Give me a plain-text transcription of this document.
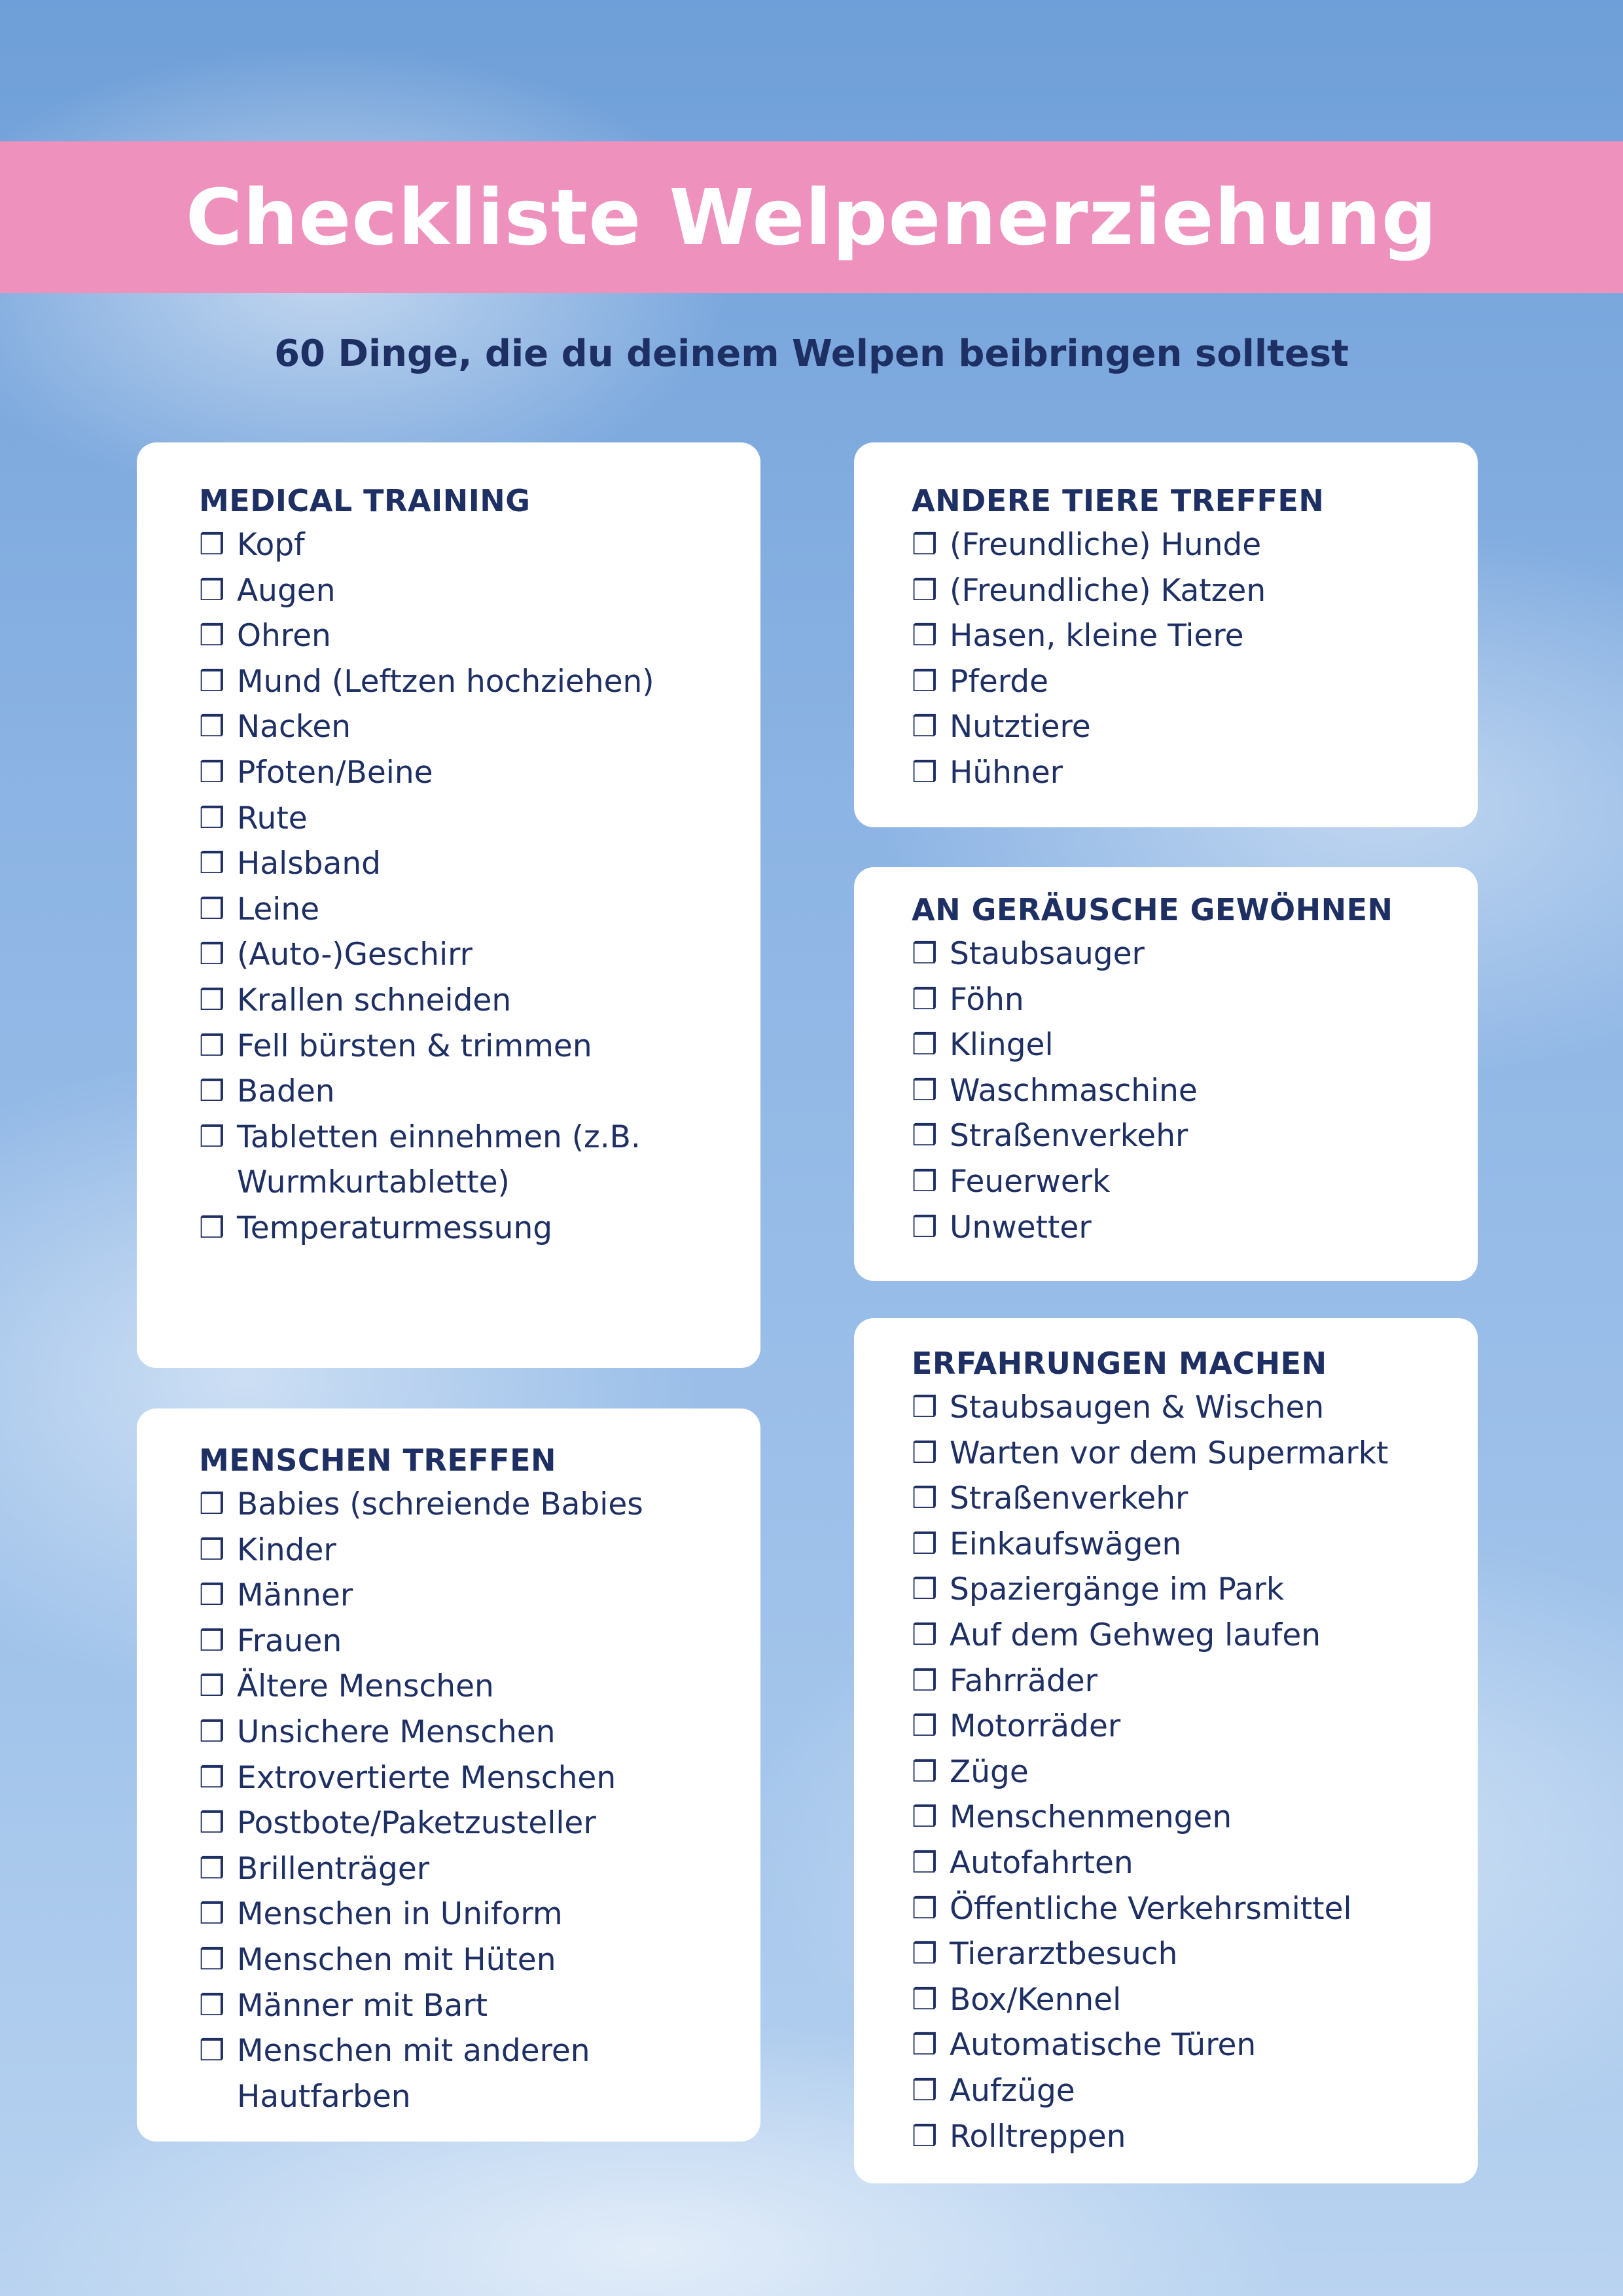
Checkliste Welpenerziehung
60 Dinge, die du deinem Welpen beibringen solltest
MEDICAL TRAINING
❒ Kopf
❒ Augen
❒ Ohren
❒ Mund (Leftzen hochziehen)
❒ Nacken
❒ Pfoten/Beine
❒ Rute
❒ Halsband
❒ Leine
❒ (Auto-)Geschirr
❒ Krallen schneiden
❒ Fell bürsten & trimmen
❒ Baden
❒ Tabletten einnehmen (z.B. Wurmkurtablette)
❒ Temperaturmessung
MENSCHEN TREFFEN
❒ Babies (schreiende Babies
❒ Kinder
❒ Männer
❒ Frauen
❒ Ältere Menschen
❒ Unsichere Menschen
❒ Extrovertierte Menschen
❒ Postbote/Paketzusteller
❒ Brillenträger
❒ Menschen in Uniform
❒ Menschen mit Hüten
❒ Männer mit Bart
❒ Menschen mit anderen Hautfarben
ANDERE TIERE TREFFEN
❒ (Freundliche) Hunde
❒ (Freundliche) Katzen
❒ Hasen, kleine Tiere
❒ Pferde
❒ Nutztiere
❒ Hühner
AN GERÄUSCHE GEWÖHNEN
❒ Staubsauger
❒ Föhn
❒ Klingel
❒ Waschmaschine
❒ Straßenverkehr
❒ Feuerwerk
❒ Unwetter
ERFAHRUNGEN MACHEN
❒ Staubsaugen & Wischen
❒ Warten vor dem Supermarkt
❒ Straßenverkehr
❒ Einkaufswägen
❒ Spaziergänge im Park
❒ Auf dem Gehweg laufen
❒ Fahrräder
❒ Motorräder
❒ Züge
❒ Menschenmengen
❒ Autofahrten
❒ Öffentliche Verkehrsmittel
❒ Tierarztbesuch
❒ Box/Kennel
❒ Automatische Türen
❒ Aufzüge
❒ Rolltreppen
